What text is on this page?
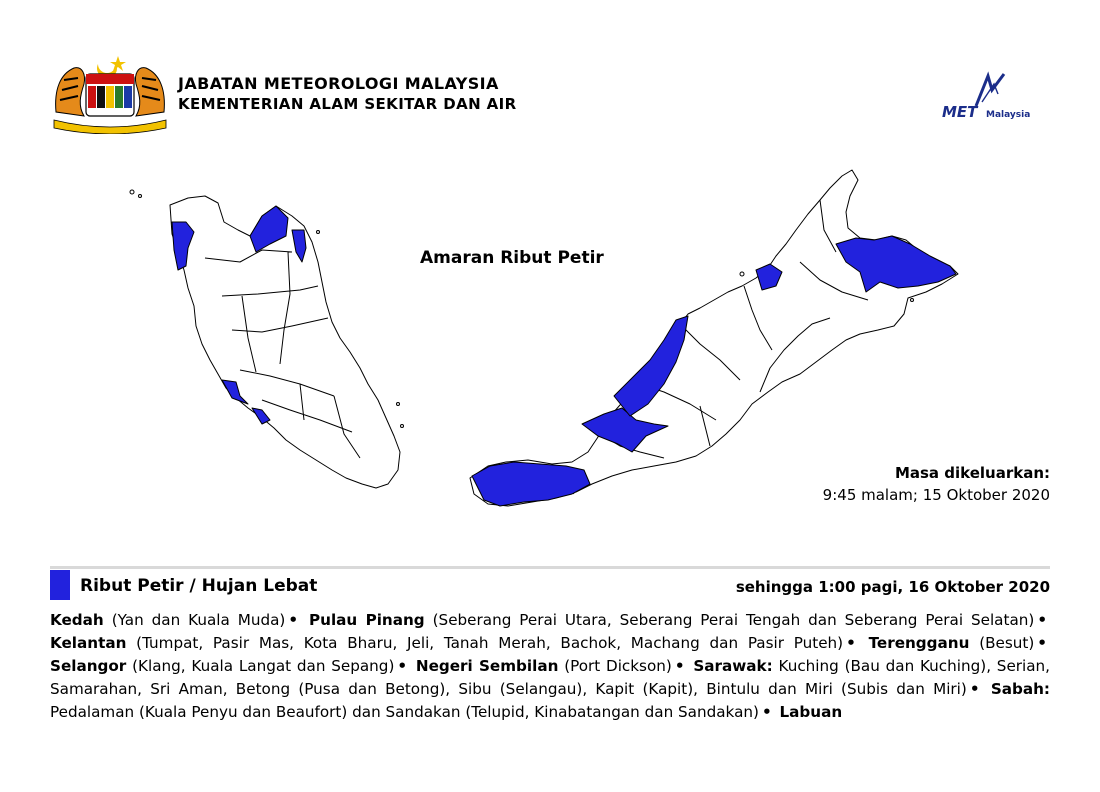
JABATAN METEOROLOGI MALAYSIA
KEMENTERIAN ALAM SEKITAR DAN AIR	MET Malaysia
Amaran Ribut Petir
Masa dikeluarkan:
9:45 malam; 15 Oktober 2020
Ribut Petir / Hujan Lebat	sehingga 1:00 pagi, 16 Oktober 2020
Kedah (Yan dan Kuala Muda) • Pulau Pinang (Seberang Perai Utara, Seberang Perai Tengah dan Seberang Perai Selatan) • Kelantan (Tumpat, Pasir Mas, Kota Bharu, Jeli, Tanah Merah, Bachok, Machang dan Pasir Puteh) • Terengganu (Besut) • Selangor (Klang, Kuala Langat dan Sepang) • Negeri Sembilan (Port Dickson) • Sarawak: Kuching (Bau dan Kuching), Serian, Samarahan, Sri Aman, Betong (Pusa dan Betong), Sibu (Selangau), Kapit (Kapit), Bintulu dan Miri (Subis dan Miri) • Sabah: Pedalaman (Kuala Penyu dan Beaufort) dan Sandakan (Telupid, Kinabatangan dan Sandakan) • Labuan
